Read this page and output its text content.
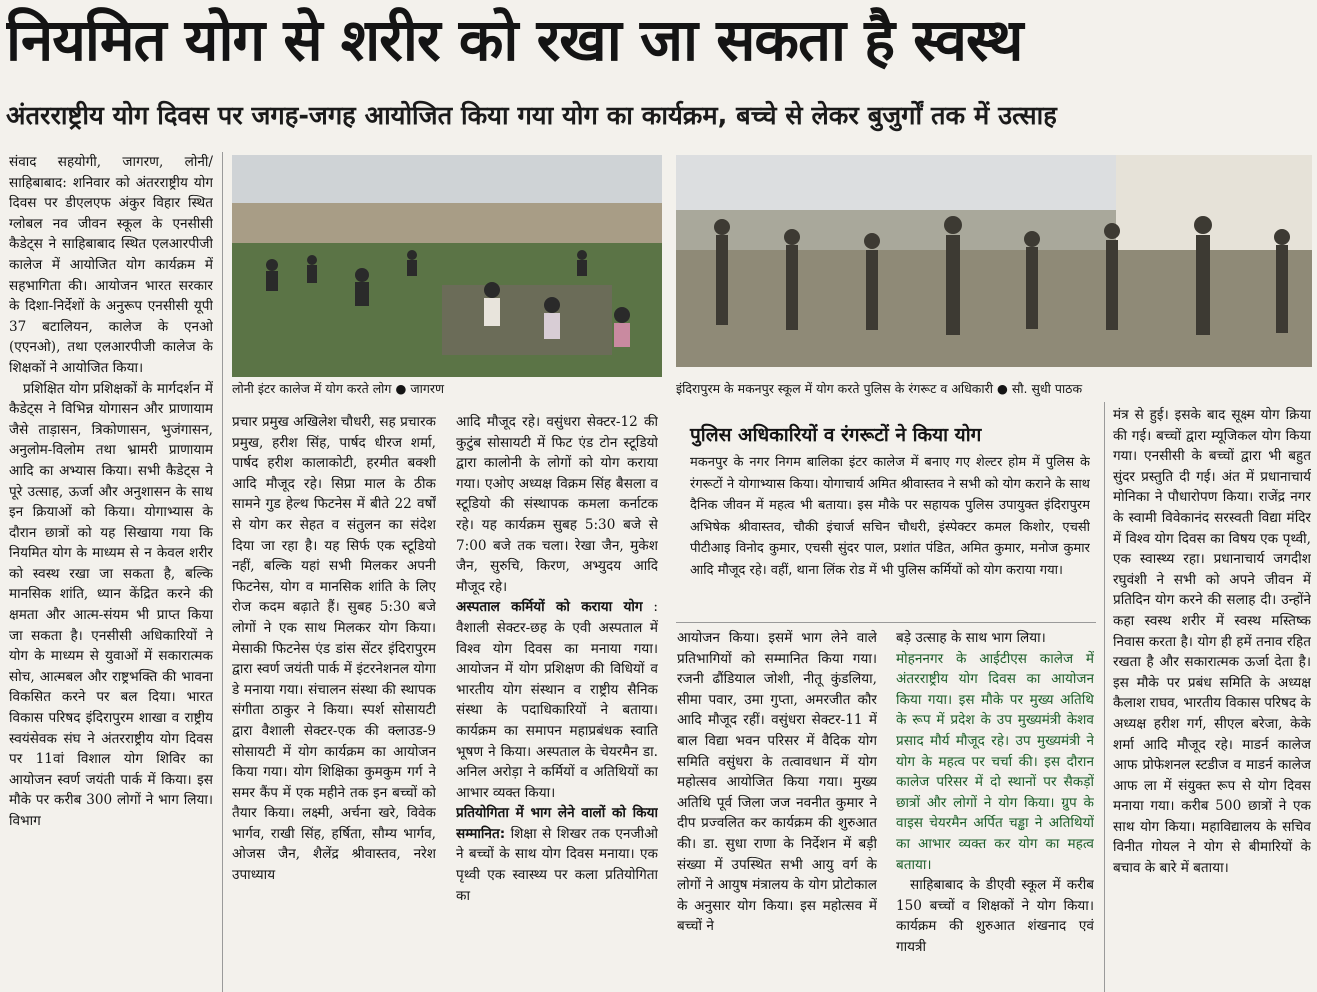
नियमित योग से शरीर को रखा जा सकता है स्वस्थ
अंतरराष्ट्रीय योग दिवस पर जगह-जगह आयोजित किया गया योग का कार्यक्रम, बच्चे से लेकर बुजुर्गों तक में उत्साह
लोनी इंटर कालेज में योग करते लोग ● जागरण	इंदिरापुरम के मकनपुर स्कूल में योग करते पुलिस के रंगरूट व अधिकारी ● सौ. सुधी पाठक

संवाद सहयोगी, जागरण, लोनी/ साहिबाबाद: शनिवार को अंतरराष्ट्रीय योग दिवस पर डीएलएफ अंकुर विहार स्थित ग्लोबल नव जीवन स्कूल के एनसीसी कैडेट्स ने साहिबाबाद स्थित एलआरपीजी कालेज में आयोजित योग कार्यक्रम में सहभागिता की। आयोजन भारत सरकार के दिशा-निर्देशों के अनुरूप एनसीसी यूपी 37 बटालियन, कालेज के एनओ (एएनओ), तथा एलआरपीजी कालेज के शिक्षकों ने आयोजित किया।

प्रशिक्षित योग प्रशिक्षकों के मार्गदर्शन में कैडेट्स ने विभिन्न योगासन और प्राणायाम जैसे ताड़ासन, त्रिकोणासन, भुजंगासन, अनुलोम-विलोम तथा भ्रामरी प्राणायाम आदि का अभ्यास किया। सभी कैडेट्स ने पूरे उत्साह, ऊर्जा और अनुशासन के साथ इन क्रियाओं को किया। योगाभ्यास के दौरान छात्रों को यह सिखाया गया कि नियमित योग के माध्यम से न केवल शरीर को स्वस्थ रखा जा सकता है, बल्कि मानसिक शांति, ध्यान केंद्रित करने की क्षमता और आत्म-संयम भी प्राप्त किया जा सकता है। एनसीसी अधिकारियों ने योग के माध्यम से युवाओं में सकारात्मक सोच, आत्मबल और राष्ट्रभक्ति की भावना विकसित करने पर बल दिया। भारत विकास परिषद इंदिरापुरम शाखा व राष्ट्रीय स्वयंसेवक संघ ने अंतरराष्ट्रीय योग दिवस पर 11वां विशाल योग शिविर का आयोजन स्वर्ण जयंती पार्क में किया। इस मौके पर करीब 300 लोगों ने भाग लिया। विभाग

प्रचार प्रमुख अखिलेश चौधरी, सह प्रचारक प्रमुख, हरीश सिंह, पार्षद धीरज शर्मा, पार्षद हरीश कालाकोटी, हरमीत बक्शी आदि मौजूद रहे। सिप्रा माल के ठीक सामने गुड हेल्थ फिटनेस में बीते 22 वर्षों से योग कर सेहत व संतुलन का संदेश दिया जा रहा है। यह सिर्फ एक स्टूडियो नहीं, बल्कि यहां सभी मिलकर अपनी फिटनेस, योग व मानसिक शांति के लिए रोज कदम बढ़ाते हैं। सुबह 5:30 बजे लोगों ने एक साथ मिलकर योग किया। मेसाकी फिटनेस एंड डांस सेंटर इंदिरापुरम द्वारा स्वर्ण जयंती पार्क में इंटरनेशनल योगा डे मनाया गया। संचालन संस्था की स्थापक संगीता ठाकुर ने किया। स्पर्श सोसायटी द्वारा वैशाली सेक्टर-एक की क्लाउड-9 सोसायटी में योग कार्यक्रम का आयोजन किया गया। योग शिक्षिका कुमकुम गर्ग ने समर कैंप में एक महीने तक इन बच्चों को तैयार किया। लक्ष्मी, अर्चना खरे, विवेक भार्गव, राखी सिंह, हर्षिता, सौम्य भार्गव, ओजस जैन, शैलेंद्र श्रीवास्तव, नरेश उपाध्याय

आदि मौजूद रहे। वसुंधरा सेक्टर-12 की कुटुंब सोसायटी में फिट एंड टोन स्टूडियो द्वारा कालोनी के लोगों को योग कराया गया। एओए अध्यक्ष विक्रम सिंह बैसला व स्टूडियो की संस्थापक कमला कर्नाटक रहे। यह कार्यक्रम सुबह 5:30 बजे से 7:00 बजे तक चला। रेखा जैन, मुकेश जैन, सुरुचि, किरण, अभ्युदय आदि मौजूद रहे।

अस्पताल कर्मियों को कराया योग : वैशाली सेक्टर-छह के एवी अस्पताल में विश्व योग दिवस का मनाया गया। आयोजन में योग प्रशिक्षण की विधियों व भारतीय योग संस्थान व राष्ट्रीय सैनिक संस्था के पदाधिकारियों ने बताया। कार्यक्रम का समापन महाप्रबंधक स्वाति भूषण ने किया। अस्पताल के चेयरमैन डा. अनिल अरोड़ा ने कर्मियों व अतिथियों का आभार व्यक्त किया।

प्रतियोगिता में भाग लेने वालों को किया सम्मानित: शिक्षा से शिखर तक एनजीओ ने बच्चों के साथ योग दिवस मनाया। एक पृथ्वी एक स्वास्थ्य पर कला प्रतियोगिता का

पुलिस अधिकारियों व रंगरूटों ने किया योग

मकनपुर के नगर निगम बालिका इंटर कालेज में बनाए गए शेल्टर होम में पुलिस के रंगरूटों ने योगाभ्यास किया। योगाचार्य अमित श्रीवास्तव ने सभी को योग कराने के साथ दैनिक जीवन में महत्व भी बताया। इस मौके पर सहायक पुलिस उपायुक्त इंदिरापुरम अभिषेक श्रीवास्तव, चौकी इंचार्ज सचिन चौधरी, इंस्पेक्टर कमल किशोर, एचसी पीटीआइ विनोद कुमार, एचसी सुंदर पाल, प्रशांत पंडित, अमित कुमार, मनोज कुमार आदि मौजूद रहे। वहीं, थाना लिंक रोड में भी पुलिस कर्मियों को योग कराया गया।

आयोजन किया। इसमें भाग लेने वाले प्रतिभागियों को सम्मानित किया गया। रजनी ढौंडियाल जोशी, नीतू कुंडलिया, सीमा पवार, उमा गुप्ता, अमरजीत कौर आदि मौजूद रहीं। वसुंधरा सेक्टर-11 में बाल विद्या भवन परिसर में वैदिक योग समिति वसुंधरा के तत्वावधान में योग महोत्सव आयोजित किया गया। मुख्य अतिथि पूर्व जिला जज नवनीत कुमार ने दीप प्रज्वलित कर कार्यक्रम की शुरुआत की। डा. सुधा राणा के निर्देशन में बड़ी संख्या में उपस्थित सभी आयु वर्ग के लोगों ने आयुष मंत्रालय के योग प्रोटोकाल के अनुसार योग किया। इस महोत्सव में बच्चों ने

बड़े उत्साह के साथ भाग लिया।

मोहननगर के आईटीएस कालेज में अंतरराष्ट्रीय योग दिवस का आयोजन किया गया। इस मौके पर मुख्य अतिथि के रूप में प्रदेश के उप मुख्यमंत्री केशव प्रसाद मौर्य मौजूद रहे। उप मुख्यमंत्री ने योग के महत्व पर चर्चा की। इस दौरान कालेज परिसर में दो स्थानों पर सैकड़ों छात्रों और लोगों ने योग किया। ग्रुप के वाइस चेयरमैन अर्पित चड्ढा ने अतिथियों का आभार व्यक्त कर योग का महत्व बताया।

साहिबाबाद के डीएवी स्कूल में करीब 150 बच्चों व शिक्षकों ने योग किया। कार्यक्रम की शुरुआत शंखनाद एवं गायत्री

मंत्र से हुई। इसके बाद सूक्ष्म योग क्रिया की गई। बच्चों द्वारा म्यूजिकल योग किया गया। एनसीसी के बच्चों द्वारा भी बहुत सुंदर प्रस्तुति दी गई। अंत में प्रधानाचार्य मोनिका ने पौधारोपण किया। राजेंद्र नगर के स्वामी विवेकानंद सरस्वती विद्या मंदिर में विश्व योग दिवस का विषय एक पृथ्वी, एक स्वास्थ्य रहा। प्रधानाचार्य जगदीश रघुवंशी ने सभी को अपने जीवन में प्रतिदिन योग करने की सलाह दी। उन्होंने कहा स्वस्थ शरीर में स्वस्थ मस्तिष्क निवास करता है। योग ही हमें तनाव रहित रखता है और सकारात्मक ऊर्जा देता है। इस मौके पर प्रबंध समिति के अध्यक्ष कैलाश राघव, भारतीय विकास परिषद के अध्यक्ष हरीश गर्ग, सीएल बरेजा, केके शर्मा आदि मौजूद रहे। माडर्न कालेज आफ प्रोफेशनल स्टडीज व माडर्न कालेज आफ ला में संयुक्त रूप से योग दिवस मनाया गया। करीब 500 छात्रों ने एक साथ योग किया। महाविद्यालय के सचिव विनीत गोयल ने योग से बीमारियों के बचाव के बारे में बताया।
